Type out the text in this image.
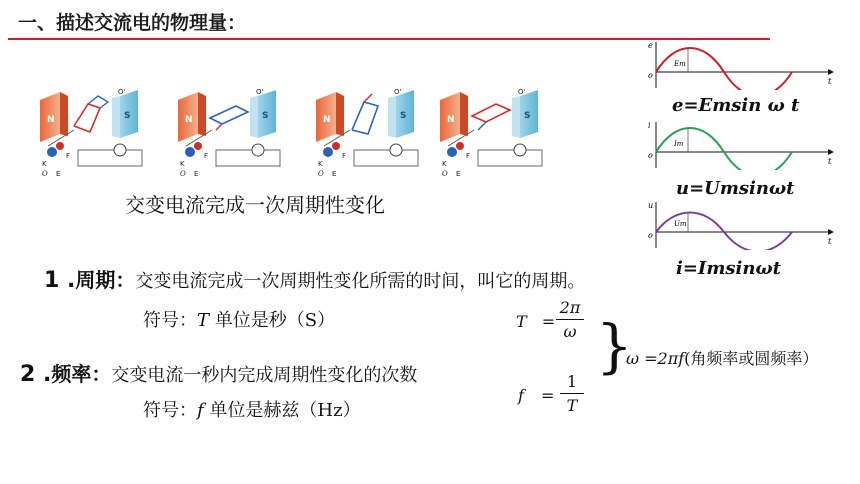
一、描述交流电的物理量：
N	S
K
F
O E
O'
N	S
K
F
O E
O'
N	S
K
F
O E
O'
N	S
K
F
O E
O'
交变电流完成一次周期性变化
e
o
t
Em
e=Emsin ω t
i
o
t
Im
u=Umsinωt
u
o
t
Um
i=Imsinωt
1 .周期：交变电流完成一次周期性变化所需的时间，叫它的周期。
符号：T 单位是秒（S）
2 .频率：交变电流一秒内完成周期性变化的次数
符号：f 单位是赫兹（Hz）
T =
2π
ω
f =
1
T
}
ω =2πf(角频率或圆频率）
